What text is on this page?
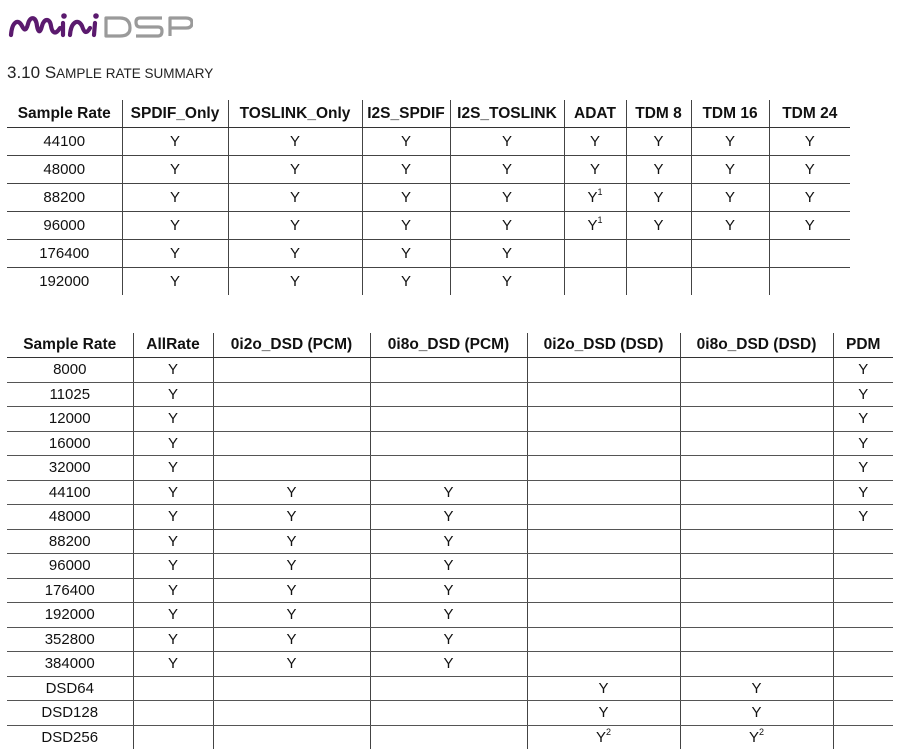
3.10 SAMPLE RATE SUMMARY
Sample Rate	SPDIF_Only	TOSLINK_Only	I2S_SPDIF	I2S_TOSLINK	ADAT	TDM 8	TDM 16	TDM 24
44100	Y	Y	Y	Y	Y	Y	Y	Y
48000	Y	Y	Y	Y	Y	Y	Y	Y
88200	Y	Y	Y	Y	$Y^1$	Y	Y	Y
96000	Y	Y	Y	Y	$Y^1$	Y	Y	Y
176400	Y	Y	Y	Y				
192000	Y	Y	Y	Y				
Sample Rate	AllRate	0i2o_DSD (PCM)	0i8o_DSD (PCM)	0i2o_DSD (DSD)	0i8o_DSD (DSD)	PDM
8000	Y					Y
11025	Y					Y
12000	Y					Y
16000	Y					Y
32000	Y					Y
44100	Y	Y	Y			Y
48000	Y	Y	Y			Y
88200	Y	Y	Y			
96000	Y	Y	Y			
176400	Y	Y	Y			
192000	Y	Y	Y			
352800	Y	Y	Y			
384000	Y	Y	Y			
DSD64				Y	Y	
DSD128				Y	Y	
DSD256				$Y^2$	$Y^2$	
